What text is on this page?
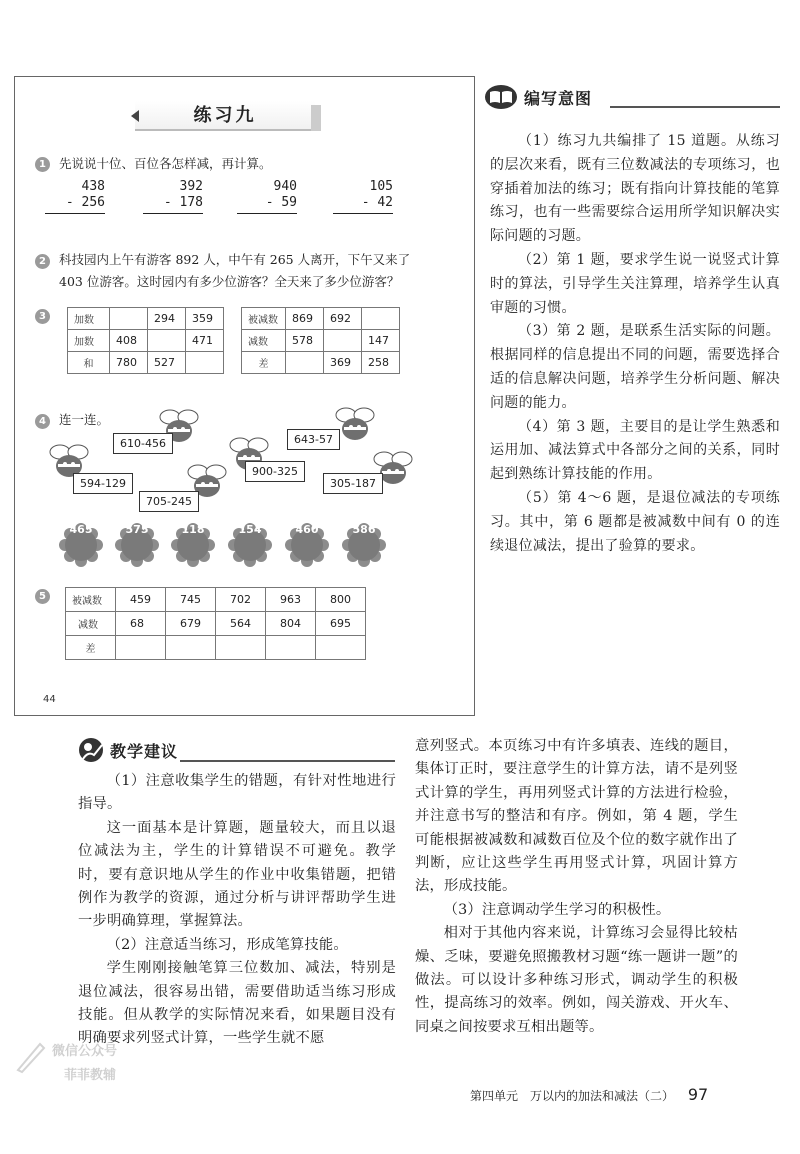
练习九
1	先说说十位、百位各怎样减，再计算。
438
- 256
392
- 178
940
- 59
105
- 42
2	科技园内上午有游客 892 人，中午有 265 人离开，下午又来了
403 位游客。这时园内有多少位游客？全天来了多少位游客？
3	加数		294	359
加数	408		471
和	780	527	
被减数	869	692	
减数	578		147
差		369	258
4	连一连。
610-456	643-57
594-129
900-325
705-245
305-187
465	575	118	154	460	586
5	被减数	459	745	702	963	800
减数	68	679	564	804	695
差					
44
编写意图

（1）练习九共编排了 15 道题。从练习的层次来看，既有三位数减法的专项练习，也穿插着加法的练习；既有指向计算技能的笔算练习，也有一些需要综合运用所学知识解决实际问题的习题。

（2）第 1 题，要求学生说一说竖式计算时的算法，引导学生关注算理，培养学生认真审题的习惯。

（3）第 2 题，是联系生活实际的问题。根据同样的信息提出不同的问题，需要选择合适的信息解决问题，培养学生分析问题、解决问题的能力。

（4）第 3 题，主要目的是让学生熟悉和运用加、减法算式中各部分之间的关系，同时起到熟练计算技能的作用。

（5）第 4～6 题，是退位减法的专项练习。其中，第 6 题都是被减数中间有 0 的连续退位减法，提出了验算的要求。

教学建议

（1）注意收集学生的错题，有针对性地进行指导。

这一面基本是计算题，题量较大，而且以退位减法为主，学生的计算错误不可避免。教学时，要有意识地从学生的作业中收集错题，把错例作为教学的资源，通过分析与讲评帮助学生进一步明确算理，掌握算法。

（2）注意适当练习，形成笔算技能。

学生刚刚接触笔算三位数加、减法，特别是退位减法，很容易出错，需要借助适当练习形成技能。但从教学的实际情况来看，如果题目没有明确要求列竖式计算，一些学生就不愿

意列竖式。本页练习中有许多填表、连线的题目，集体订正时，要注意学生的计算方法，请不是列竖式计算的学生，再用列竖式计算的方法进行检验，并注意书写的整洁和有序。例如，第 4 题，学生可能根据被减数和减数百位及个位的数字就作出了判断，应让这些学生再用竖式计算，巩固计算方法，形成技能。

（3）注意调动学生学习的积极性。

相对于其他内容来说，计算练习会显得比较枯燥、乏味，要避免照搬教材习题“练一题讲一题”的做法。可以设计多种练习形式，调动学生的积极性，提高练习的效率。例如，闯关游戏、开火车、同桌之间按要求互相出题等。

微信公众号
菲菲教辅
第四单元　万以内的加法和减法（二） 97
